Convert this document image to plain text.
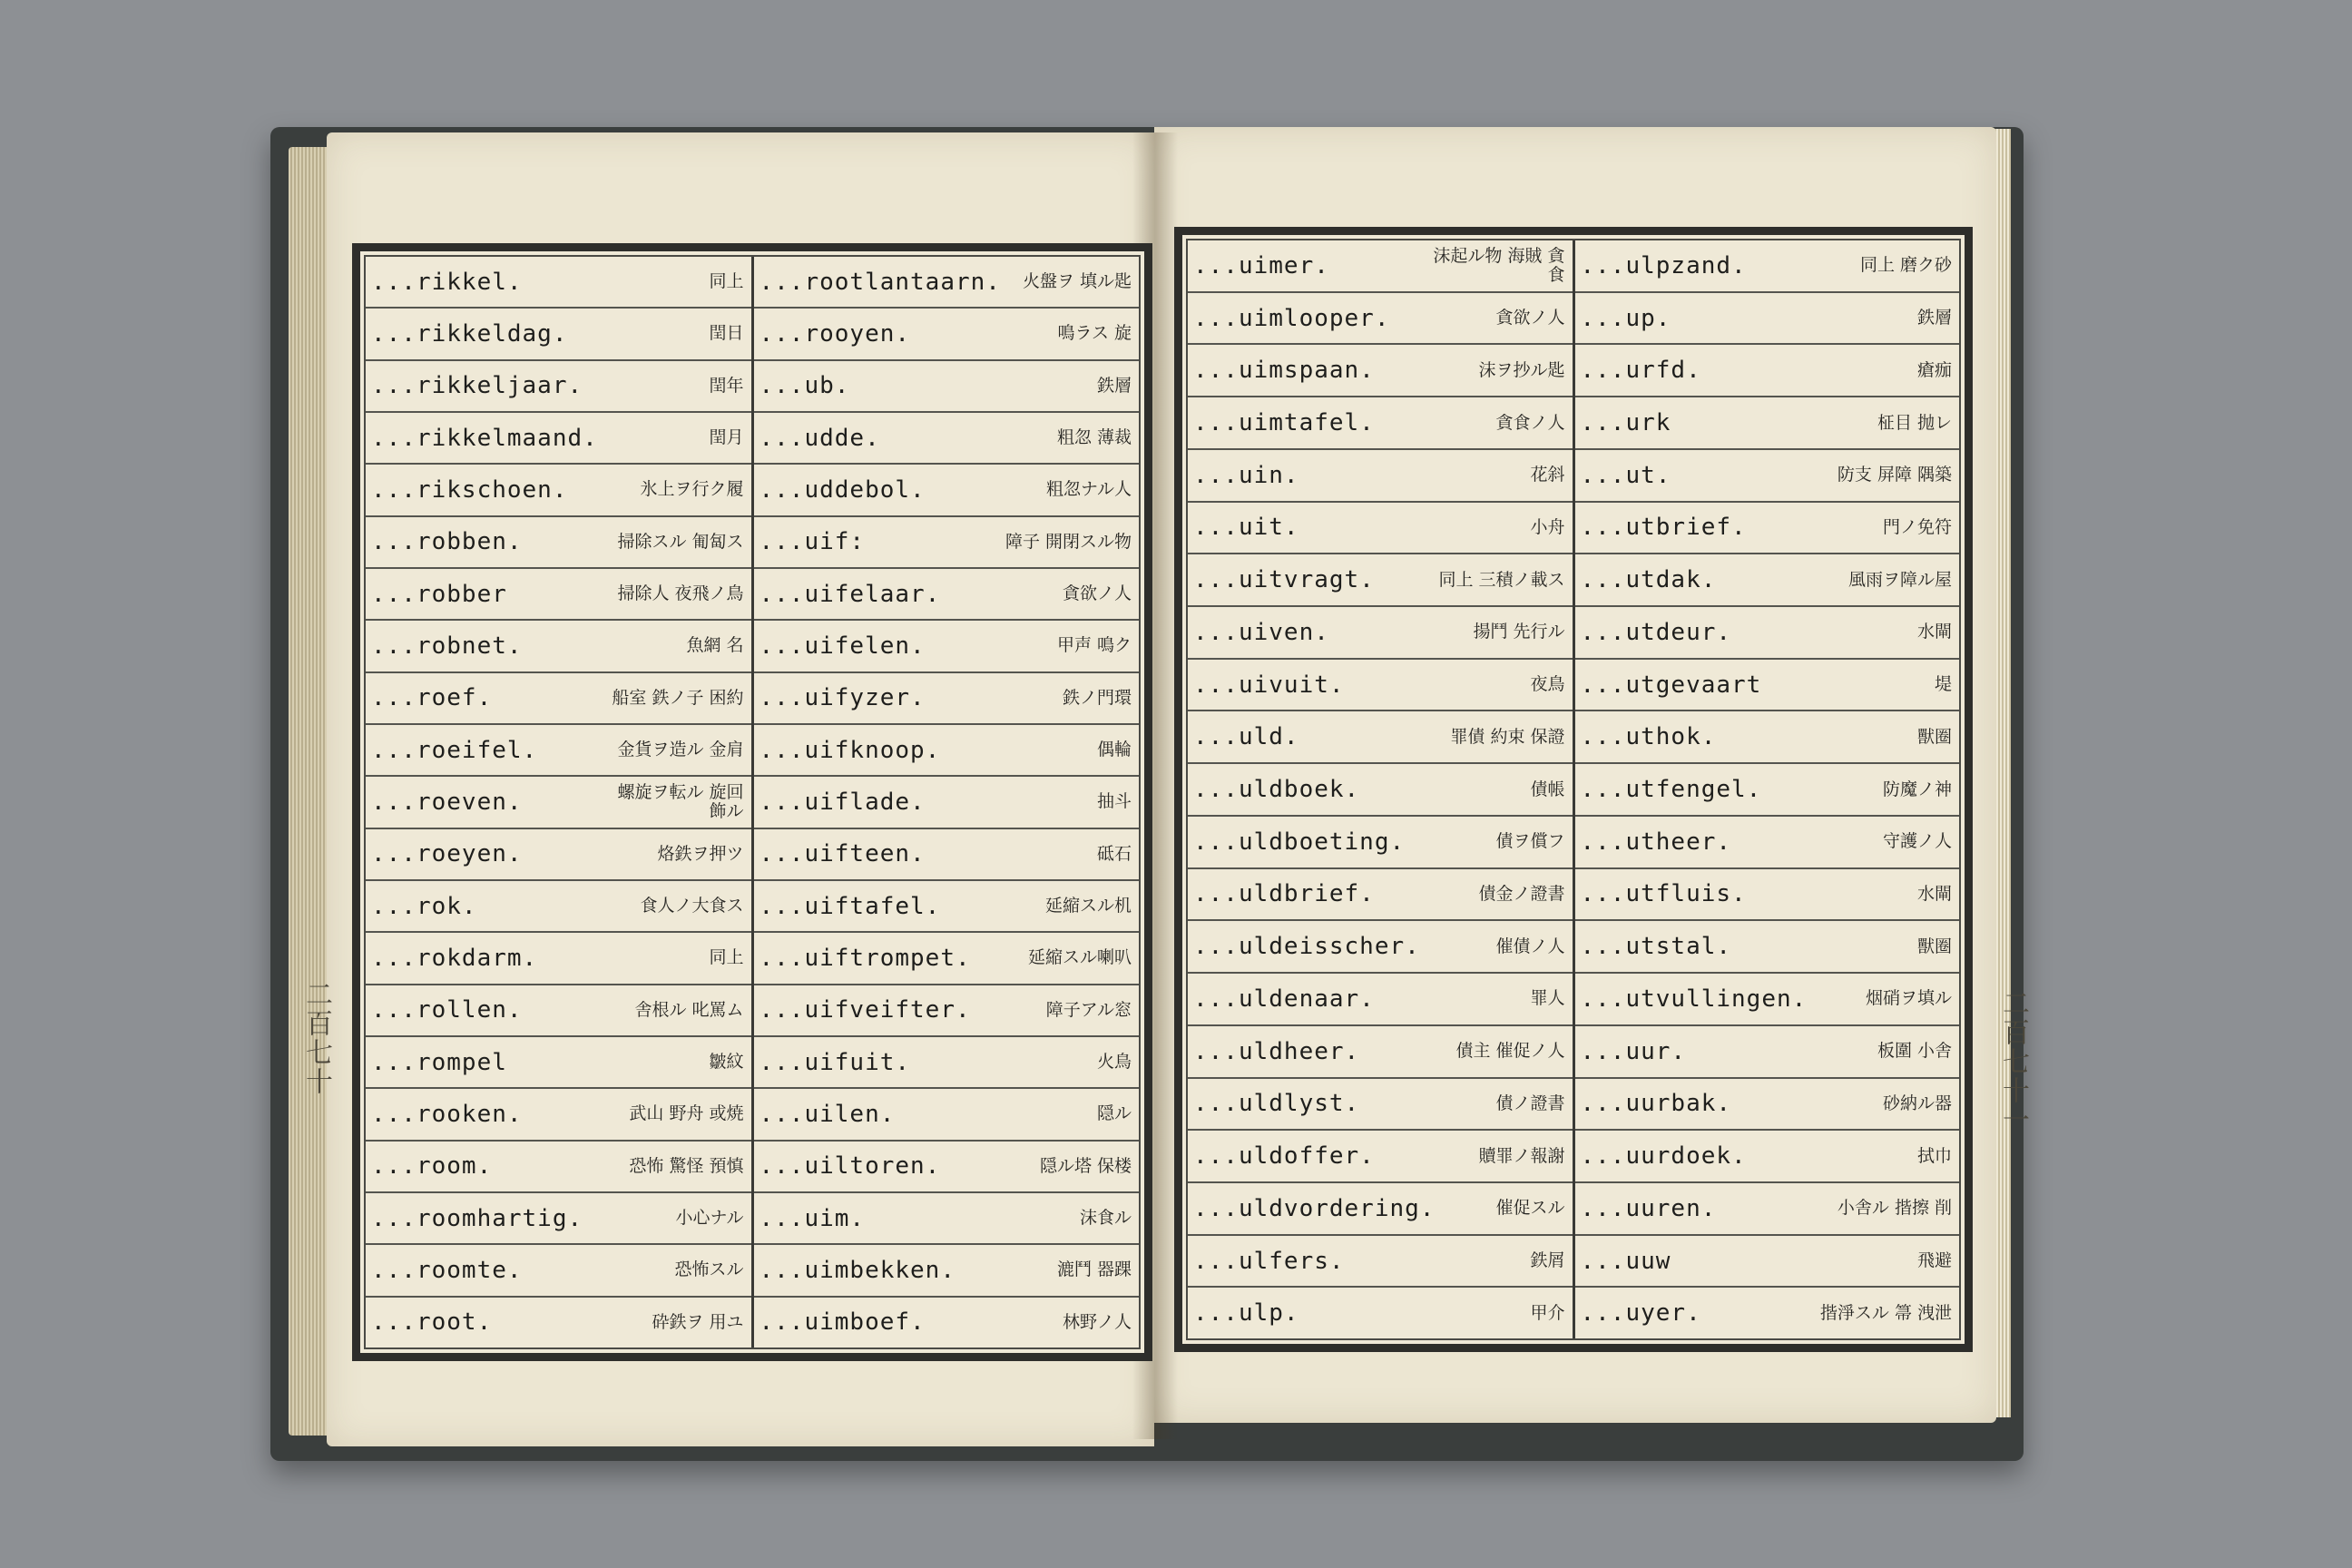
二百七十	二百七十一
...rikkel.	同上
...rikkeldag.	閏日
...rikkeljaar.	閏年
...rikkelmaand.	閏月
...rikschoen.	氷上ヲ行ク履
...robben.	掃除スル 匍匐ス
...robber	掃除人 夜飛ノ鳥
...robnet.	魚網 名
...roef.	船室 鉄ノ子 困約
...roeifel.	金貨ヲ造ル 金肩
...roeven.	螺旋ヲ転ル 旋回 飾ル
...roeyen.	烙鉄ヲ押ツ
...rok.	食人ノ大食ス
...rokdarm.	同上
...rollen.	舎根ル 叱罵ム
...rompel	皺紋
...rooken.	武山 野舟 或焼
...room.	恐怖 驚怪 預慎
...roomhartig.	小心ナル
...roomte.	恐怖スル
...root.	砕鉄ヲ 用ユ
...rootlantaarn. 火盤ヲ 填ル匙
...rooyen.	鳴ラス 旋
...ub.	鉄層
...udde.	粗忽 薄裁
...uddebol.	粗忽ナル人
...uif:	障子 開閉スル物
...uifelaar.	貪欲ノ人
...uifelen.	甲声 鳴ク
...uifyzer.	鉄ノ門環
...uifknoop.	偶輪
...uiflade.	抽斗
...uifteen.	砥石
...uiftafel.	延縮スル机
...uiftrompet.	延縮スル喇叭
...uifveifter.	障子アル窓
...uifuit.	火鳥
...uilen.	隠ル
...uiltoren.	隠ル塔 保楼
...uim.	沫食ル
...uimbekken.	漉鬥 器踝
...uimboef.	林野ノ人
...uimer.	沫起ル物 海賊 貪食
...uimlooper.	貪欲ノ人
...uimspaan.	沫ヲ抄ル匙
...uimtafel.	貪食ノ人
...uin.	花斜
...uit.	小舟
...uitvragt.	同上 三積ノ載ス
...uiven.	揚鬥 先行ル
...uivuit.	夜鳥
...uld.	罪債 約束 保證
...uldboek.	債帳
...uldboeting.	債ヲ償フ
...uldbrief.	債金ノ證書
...uldeisscher.	催債ノ人
...uldenaar.	罪人
...uldheer.	債主 催促ノ人
...uldlyst.	債ノ證書
...uldoffer.	贖罪ノ報謝
...uldvordering.	催促スル
...ulfers.	鉄屑
...ulp.	甲介
...ulpzand.	同上 磨ク砂
...up.	鉄層
...urfd.	瘡痂
...urk	柾目 抛レ
...ut.	防支 屏障 隅築
...utbrief.	門ノ免符
...utdak.	風雨ヲ障ル屋
...utdeur.	水閘
...utgevaart	堤
...uthok.	獸圈
...utfengel.	防魔ノ神
...utheer.	守護ノ人
...utfluis.	水閘
...utstal.	獸圈
...utvullingen.	烟硝ヲ填ル
...uur.	板圍 小舎
...uurbak.	砂納ル器
...uurdoek.	拭巾
...uuren.	小舎ル 揩擦 削
...uuw	飛避
...uyer.	揩淨スル 箒 洩泄
